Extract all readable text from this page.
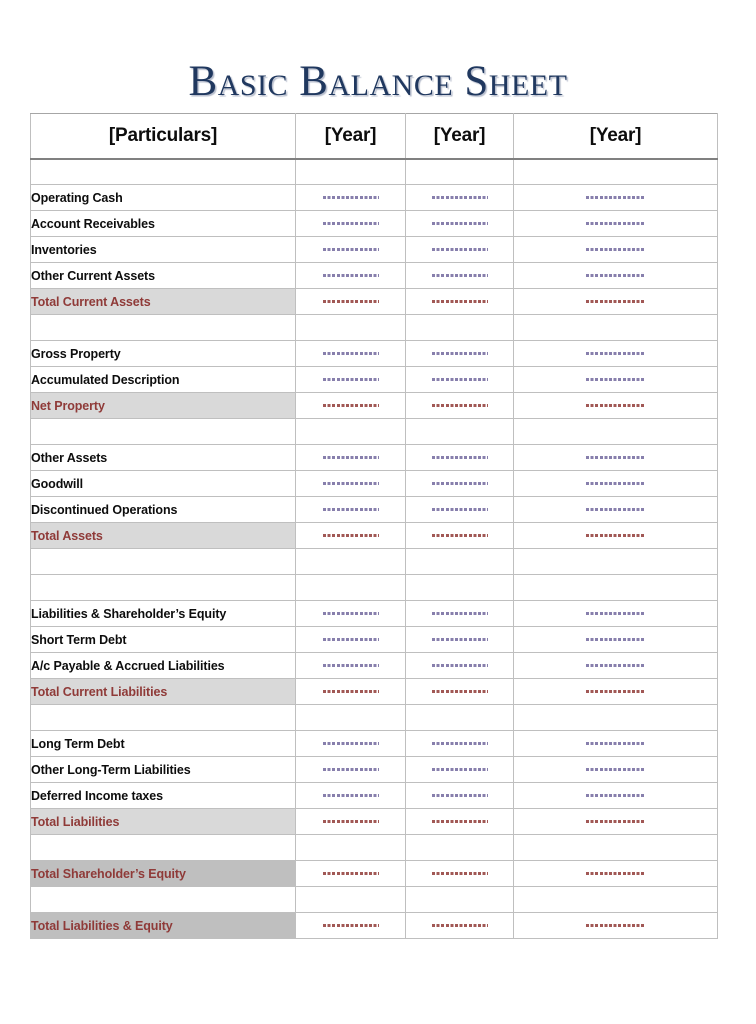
Basic Balance Sheet
[Particulars]	[Year]	[Year]	[Year]

Operating Cash			
Account Receivables			
Inventories			
Other Current Assets			
Total Current Assets			

Gross Property			
Accumulated Description			
Net Property			

Other Assets			
Goodwill			
Discontinued Operations			
Total Assets			

Liabilities & Shareholder’s Equity			
Short Term Debt			
A/c Payable & Accrued Liabilities			
Total Current Liabilities			

Long Term Debt			
Other Long-Term Liabilities			
Deferred Income taxes			
Total Liabilities			

Total Shareholder’s Equity			

Total Liabilities & Equity			
